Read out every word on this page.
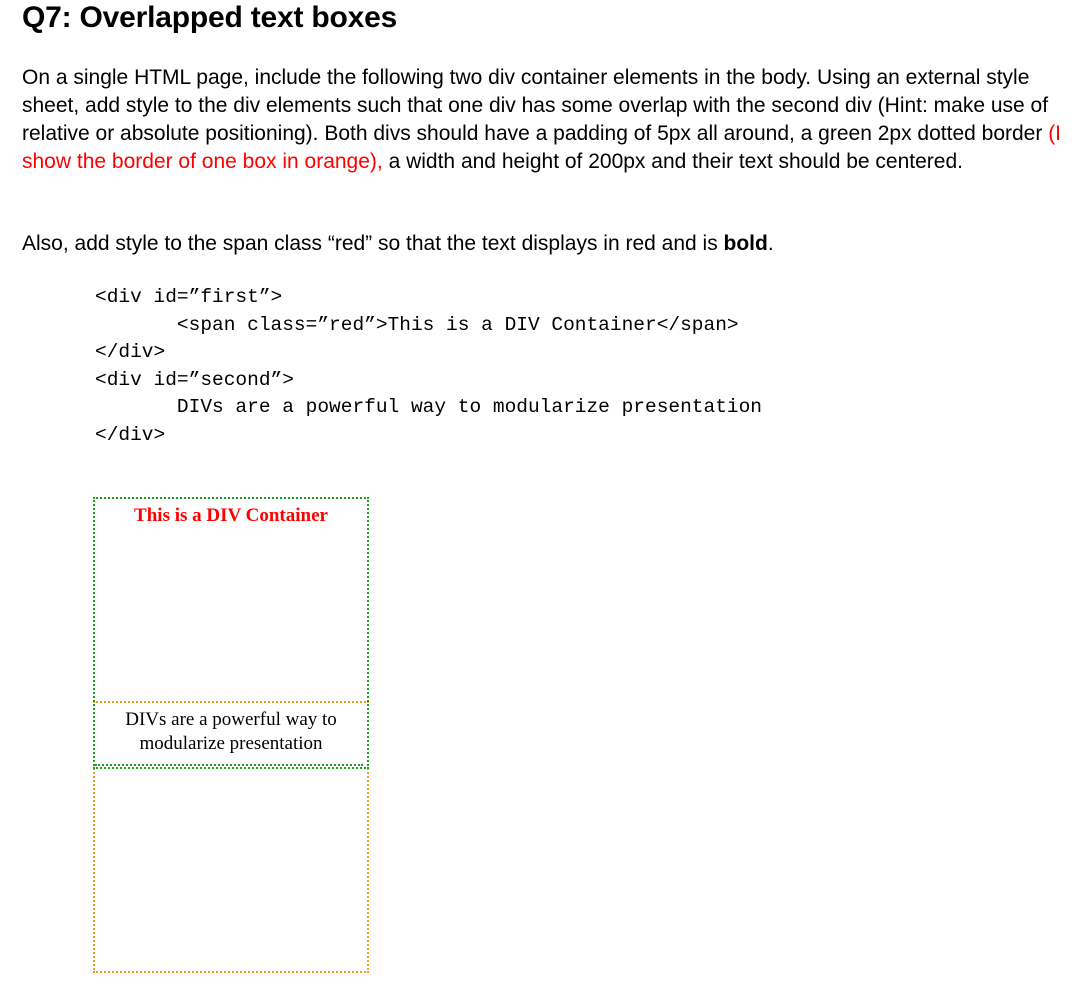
Q7: Overlapped text boxes

On a single HTML page, include the following two div container elements in the body. Using an external style sheet, add style to the div elements such that one div has some overlap with the second div (Hint: make use of relative or absolute positioning). Both divs should have a padding of 5px all around, a green 2px dotted border (I show the border of one box in orange), a width and height of 200px and their text should be centered.

Also, add style to the span class “red” so that the text displays in red and is bold.

<div id=”first”>
<span class=”red”>This is a DIV Container</span>
</div>
<div id=”second”>
DIVs are a powerful way to modularize presentation
</div>
DIVs are a powerful way to modularize presentation
This is a DIV Container
